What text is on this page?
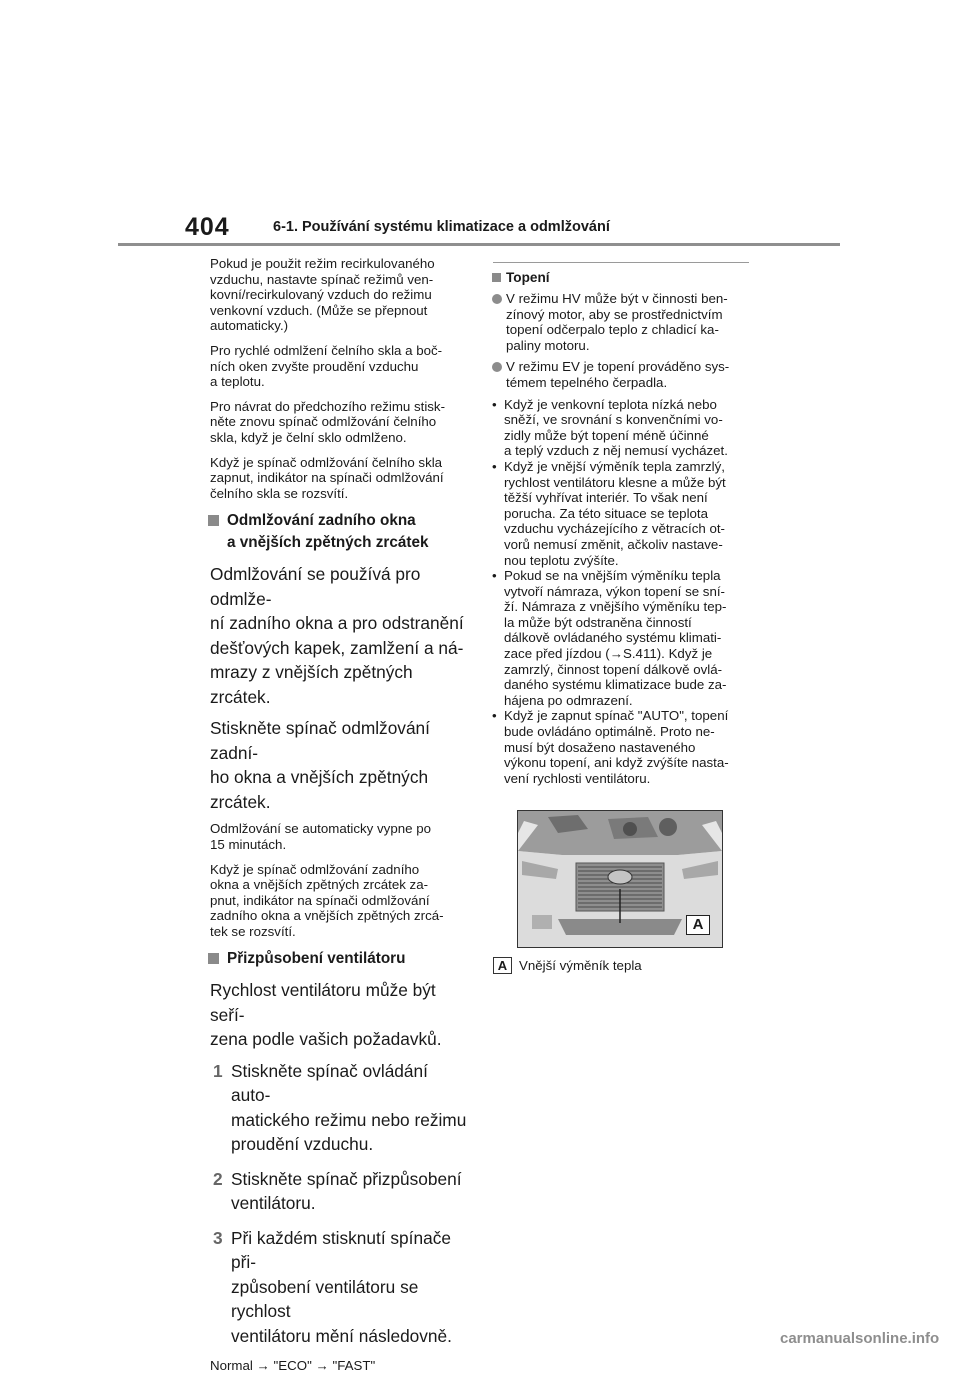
404	6-1. Používání systému klimatizace a odmlžování

Pokud je použit režim recirkulovaného
vzduchu, nastavte spínač režimů ven-
kovní/recirkulovaný vzduch do režimu
venkovní vzduch. (Může se přepnout
automaticky.)

Pro rychlé odmlžení čelního skla a boč-
ních oken zvyšte proudění vzduchu
a teplotu.

Pro návrat do předchozího režimu stisk-
něte znovu spínač odmlžování čelního
skla, když je čelní sklo odmlženo.

Když je spínač odmlžování čelního skla
zapnut, indikátor na spínači odmlžování
čelního skla se rozsvítí.

Odmlžování zadního okna
a vnějších zpětných zrcátek

Odmlžování se používá pro odmlže-
ní zadního okna a pro odstranění
dešťových kapek, zamlžení a ná-
mrazy z vnějších zpětných zrcátek.

Stiskněte spínač odmlžování zadní-
ho okna a vnějších zpětných zrcátek.

Odmlžování se automaticky vypne po
15 minutách.

Když je spínač odmlžování zadního
okna a vnějších zpětných zrcátek za-
pnut, indikátor na spínači odmlžování
zadního okna a vnějších zpětných zrcá-
tek se rozsvítí.

Přizpůsobení ventilátoru

Rychlost ventilátoru může být seří-
zena podle vašich požadavků.

1 Stiskněte spínač ovládání auto-
matického režimu nebo režimu
proudění vzduchu.
2 Stiskněte spínač přizpůsobení
ventilátoru.
3 Při každém stisknutí spínače při-
způsobení ventilátoru se rychlost
ventilátoru mění následovně.

Normal → "ECO" → "FAST"

Topení
V režimu HV může být v činnosti ben-
zínový motor, aby se prostřednictvím
topení odčerpalo teplo z chladicí ka-
paliny motoru.
V režimu EV je topení prováděno sys-
témem tepelného čerpadla.
• Když je venkovní teplota nízká nebo
sněží, ve srovnání s konvenčními vo-
zidly může být topení méně účinné
a teplý vzduch z něj nemusí vycházet.
• Když je vnější výměník tepla zamrzlý,
rychlost ventilátoru klesne a může být
těžší vyhřívat interiér. To však není
porucha. Za této situace se teplota
vzduchu vycházejícího z větracích ot-
vorů nemusí změnit, ačkoliv nastave-
nou teplotu zvýšíte.
• Pokud se na vnějším výměníku tepla
vytvoří námraza, výkon topení se sní-
ží. Námraza z vnějšího výměníku tep-
la může být odstraněna činností
dálkově ovládaného systému klimati-
zace před jízdou (→S.411). Když je
zamrzlý, činnost topení dálkově ovlá-
daného systému klimatizace bude za-
hájena po odmrazení.
• Když je zapnut spínač "AUTO", topení
bude ovládáno optimálně. Proto ne-
musí být dosaženo nastaveného
výkonu topení, ani když zvýšíte nasta-
vení rychlosti ventilátoru.
A
A Vnější výměník tepla
carmanualsonline.info
